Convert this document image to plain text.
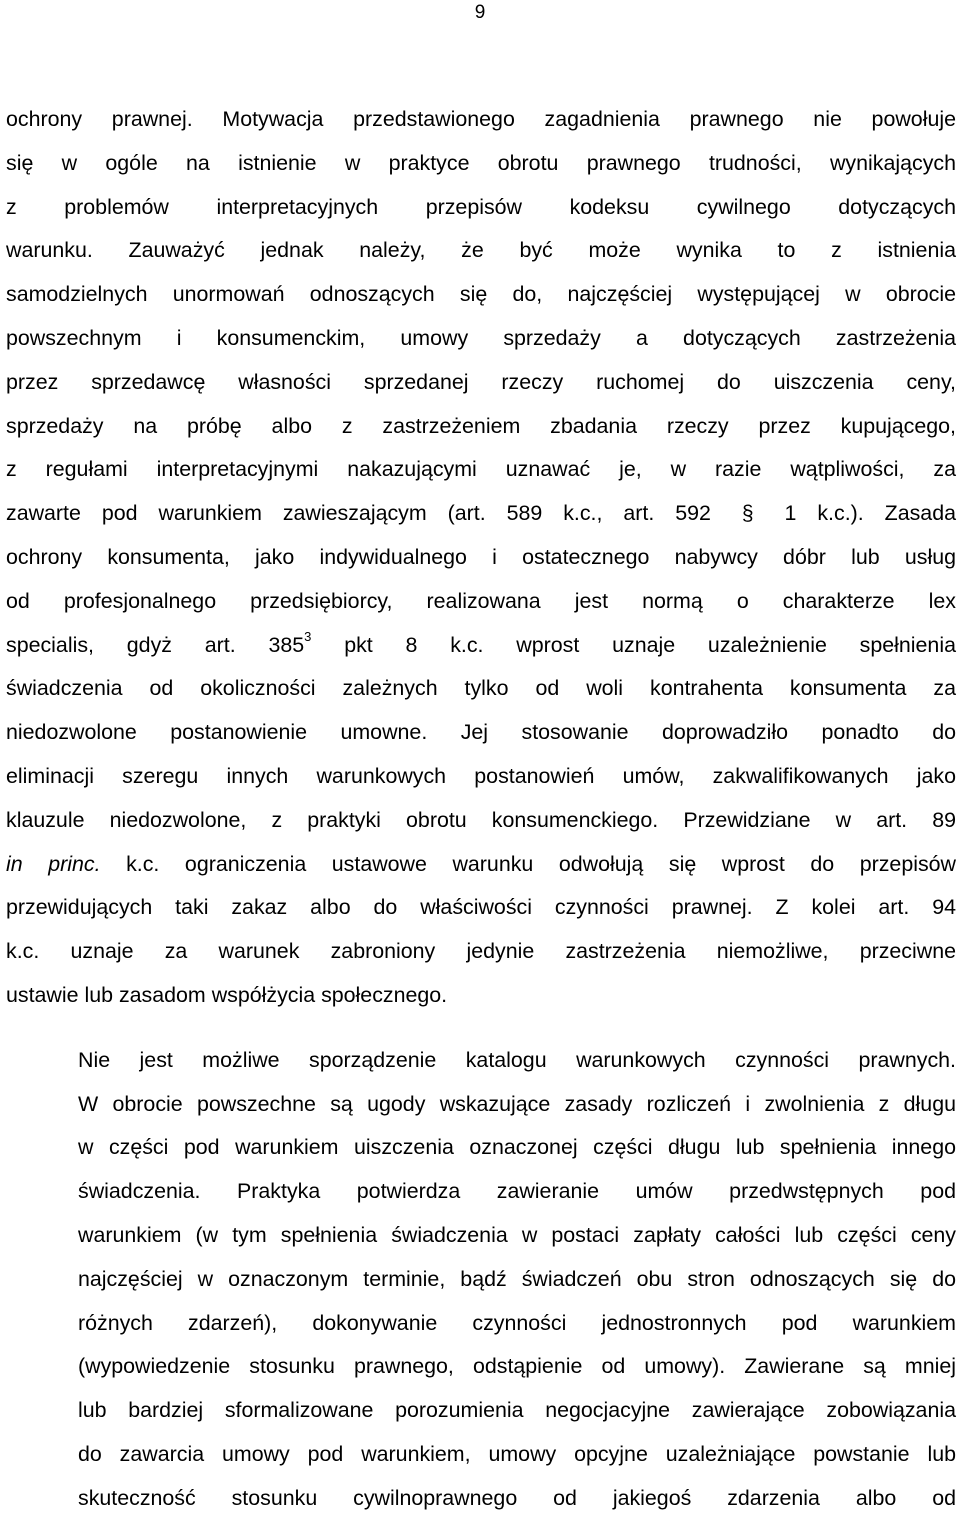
9
ochrony prawnej. Motywacja przedstawionego zagadnienia prawnego nie powołuje
się w ogóle na istnienie w praktyce obrotu prawnego trudności, wynikających
z problemów interpretacyjnych przepisów kodeksu cywilnego dotyczących
warunku. Zauważyć jednak należy, że być może wynika to z istnienia
samodzielnych unormowań odnoszących się do, najczęściej występującej w obrocie
powszechnym i konsumenckim, umowy sprzedaży a dotyczących zastrzeżenia
przez sprzedawcę własności sprzedanej rzeczy ruchomej do uiszczenia ceny,
sprzedaży na próbę albo z zastrzeżeniem zbadania rzeczy przez kupującego,
z regułami interpretacyjnymi nakazującymi uznawać je, w razie wątpliwości, za
zawarte pod warunkiem zawieszającym (art. 589 k.c., art. 592 § 1 k.c.). Zasada
ochrony konsumenta, jako indywidualnego i ostatecznego nabywcy dóbr lub usług
od profesjonalnego przedsiębiorcy, realizowana jest normą o charakterze lex
specialis, gdyż art. $385^3$ pkt 8 k.c. wprost uznaje uzależnienie spełnienia
świadczenia od okoliczności zależnych tylko od woli kontrahenta konsumenta za
niedozwolone postanowienie umowne. Jej stosowanie doprowadziło ponadto do
eliminacji szeregu innych warunkowych postanowień umów, zakwalifikowanych jako
klauzule niedozwolone, z praktyki obrotu konsumenckiego. Przewidziane w art. 89
in princ. k.c. ograniczenia ustawowe warunku odwołują się wprost do przepisów
przewidujących taki zakaz albo do właściwości czynności prawnej. Z kolei art. 94
k.c. uznaje za warunek zabroniony jedynie zastrzeżenia niemożliwe, przeciwne
ustawie lub zasadom współżycia społecznego.
Nie jest możliwe sporządzenie katalogu warunkowych czynności prawnych.
W obrocie powszechne są ugody wskazujące zasady rozliczeń i zwolnienia z długu
w części pod warunkiem uiszczenia oznaczonej części długu lub spełnienia innego
świadczenia. Praktyka potwierdza zawieranie umów przedwstępnych pod
warunkiem (w tym spełnienia świadczenia w postaci zapłaty całości lub części ceny
najczęściej w oznaczonym terminie, bądź świadczeń obu stron odnoszących się do
różnych zdarzeń), dokonywanie czynności jednostronnych pod warunkiem
(wypowiedzenie stosunku prawnego, odstąpienie od umowy). Zawierane są mniej
lub bardziej sformalizowane porozumienia negocjacyjne zawierające zobowiązania
do zawarcia umowy pod warunkiem, umowy opcyjne uzależniające powstanie lub
skuteczność stosunku cywilnoprawnego od jakiegoś zdarzenia albo od
